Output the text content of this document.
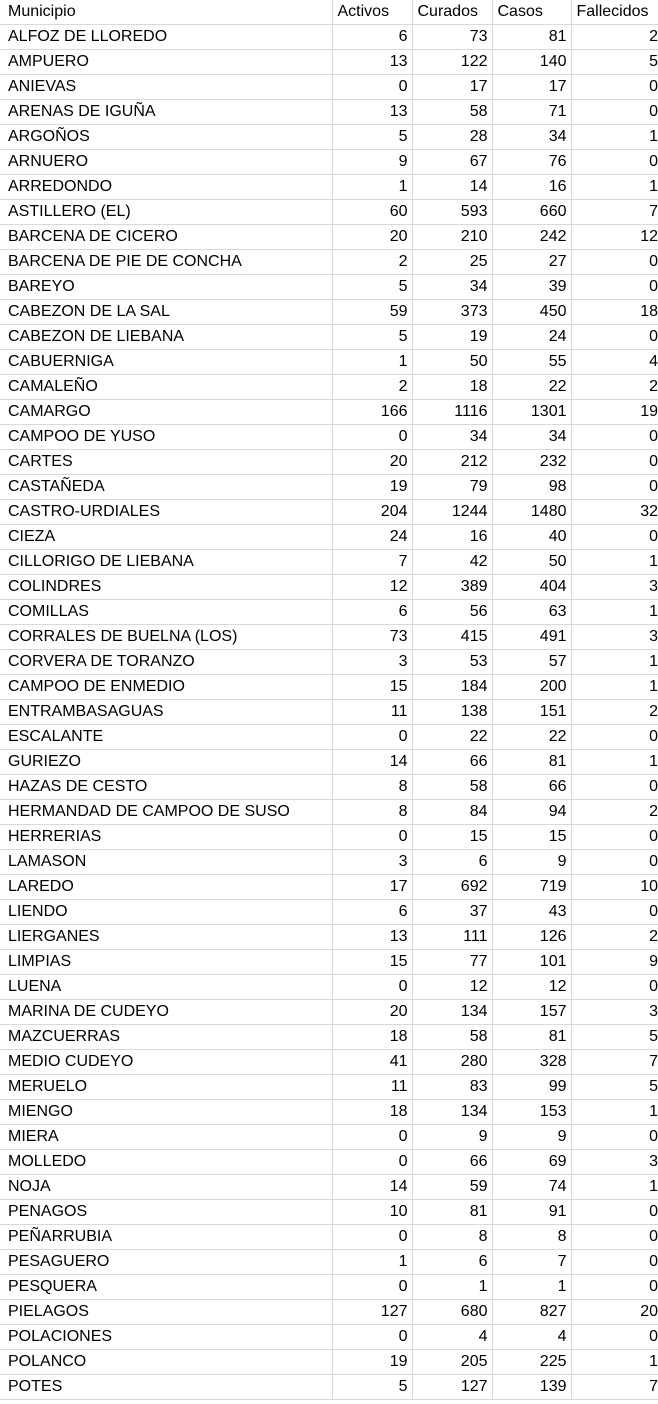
Municipio	Activos	Curados	Casos	Fallecidos

ALFOZ DE LLOREDO	6	73	81	2
AMPUERO	13	122	140	5
ANIEVAS	0	17	17	0
ARENAS DE IGUÑA	13	58	71	0
ARGOÑOS	5	28	34	1
ARNUERO	9	67	76	0
ARREDONDO	1	14	16	1
ASTILLERO (EL)	60	593	660	7
BARCENA DE CICERO	20	210	242	12
BARCENA DE PIE DE CONCHA	2	25	27	0
BAREYO	5	34	39	0
CABEZON DE LA SAL	59	373	450	18
CABEZON DE LIEBANA	5	19	24	0
CABUERNIGA	1	50	55	4
CAMALEÑO	2	18	22	2
CAMARGO	166	1116	1301	19
CAMPOO DE YUSO	0	34	34	0
CARTES	20	212	232	0
CASTAÑEDA	19	79	98	0
CASTRO-URDIALES	204	1244	1480	32
CIEZA	24	16	40	0
CILLORIGO DE LIEBANA	7	42	50	1
COLINDRES	12	389	404	3
COMILLAS	6	56	63	1
CORRALES DE BUELNA (LOS)	73	415	491	3
CORVERA DE TORANZO	3	53	57	1
CAMPOO DE ENMEDIO	15	184	200	1
ENTRAMBASAGUAS	11	138	151	2
ESCALANTE	0	22	22	0
GURIEZO	14	66	81	1
HAZAS DE CESTO	8	58	66	0
HERMANDAD DE CAMPOO DE SUSO	8	84	94	2
HERRERIAS	0	15	15	0
LAMASON	3	6	9	0
LAREDO	17	692	719	10
LIENDO	6	37	43	0
LIERGANES	13	111	126	2
LIMPIAS	15	77	101	9
LUENA	0	12	12	0
MARINA DE CUDEYO	20	134	157	3
MAZCUERRAS	18	58	81	5
MEDIO CUDEYO	41	280	328	7
MERUELO	11	83	99	5
MIENGO	18	134	153	1
MIERA	0	9	9	0
MOLLEDO	0	66	69	3
NOJA	14	59	74	1
PENAGOS	10	81	91	0
PEÑARRUBIA	0	8	8	0
PESAGUERO	1	6	7	0
PESQUERA	0	1	1	0
PIELAGOS	127	680	827	20
POLACIONES	0	4	4	0
POLANCO	19	205	225	1
POTES	5	127	139	7
